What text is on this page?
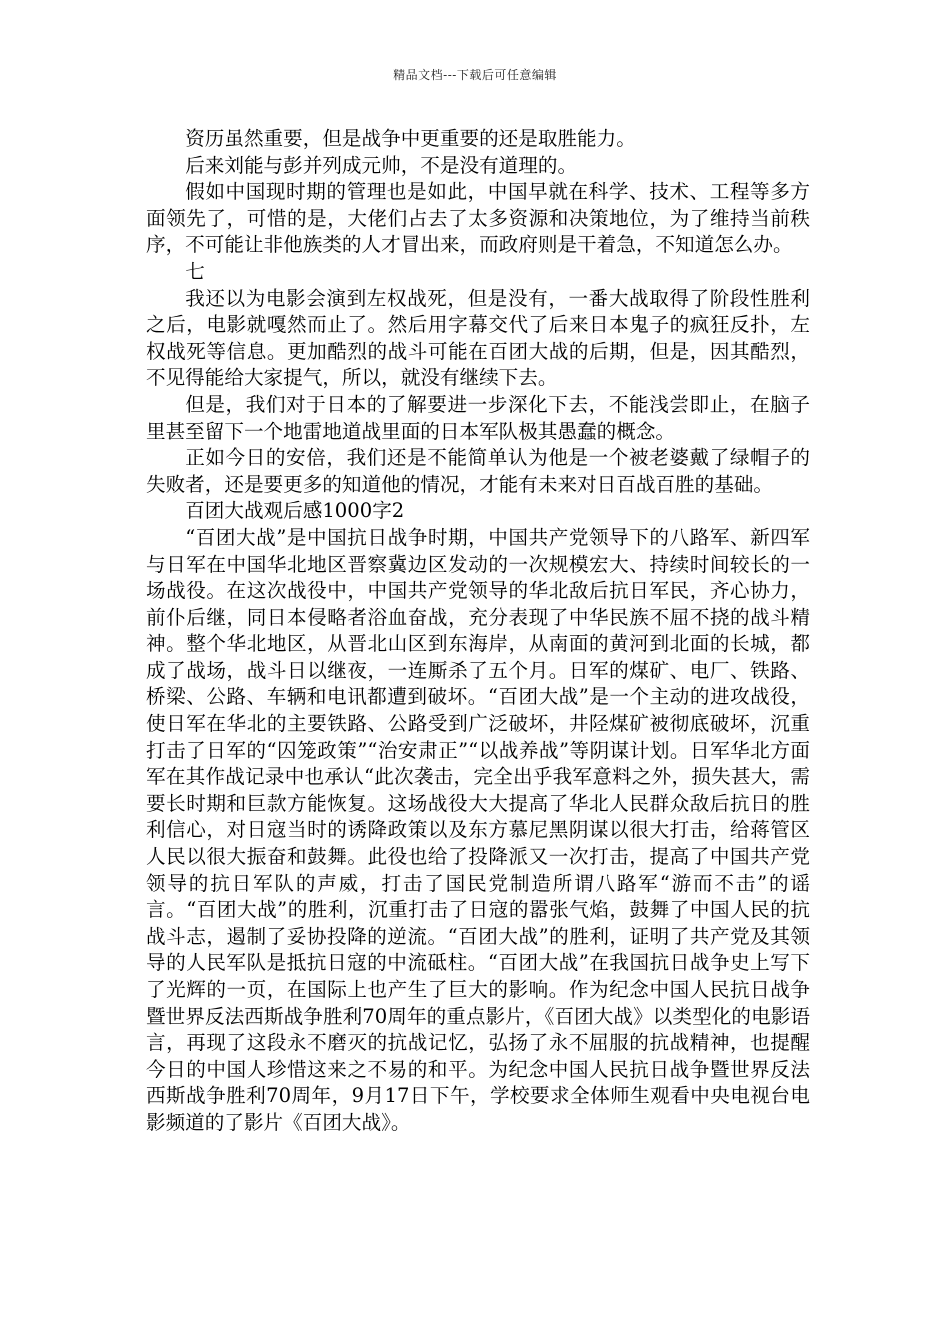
精品文档---下载后可任意编辑

资历虽然重要，但是战争中更重要的还是取胜能力。

后来刘能与彭并列成元帅，不是没有道理的。

假如中国现时期的管理也是如此，中国早就在科学、技术、工程等多方面领先了，可惜的是，大佬们占去了太多资源和决策地位，为了维持当前秩序，不可能让非他族类的人才冒出来，而政府则是干着急，不知道怎么办。

七

我还以为电影会演到左权战死，但是没有，一番大战取得了阶段性胜利之后，电影就嘎然而止了。然后用字幕交代了后来日本鬼子的疯狂反扑，左权战死等信息。更加酷烈的战斗可能在百团大战的后期，但是，因其酷烈，不见得能给大家提气，所以，就没有继续下去。

但是，我们对于日本的了解要进一步深化下去，不能浅尝即止，在脑子里甚至留下一个地雷地道战里面的日本军队极其愚蠢的概念。

正如今日的安倍，我们还是不能简单认为他是一个被老婆戴了绿帽子的失败者，还是要更多的知道他的情况，才能有未来对日百战百胜的基础。

百团大战观后感1000字2

“百团大战”是中国抗日战争时期，中国共产党领导下的八路军、新四军与日军在中国华北地区晋察冀边区发动的一次规模宏大、持续时间较长的一场战役。在这次战役中，中国共产党领导的华北敌后抗日军民，齐心协力，前仆后继，同日本侵略者浴血奋战，充分表现了中华民族不屈不挠的战斗精神。整个华北地区，从晋北山区到东海岸，从南面的黄河到北面的长城，都成了战场，战斗日以继夜，一连厮杀了五个月。日军的煤矿、电厂、铁路、桥梁、公路、车辆和电讯都遭到破坏。“百团大战”是一个主动的进攻战役，使日军在华北的主要铁路、公路受到广泛破坏，井陉煤矿被彻底破坏，沉重打击了日军的“囚笼政策”“治安肃正”“以战养战”等阴谋计划。日军华北方面军在其作战记录中也承认“此次袭击，完全出乎我军意料之外，损失甚大，需要长时期和巨款方能恢复。这场战役大大提高了华北人民群众敌后抗日的胜利信心，对日寇当时的诱降政策以及东方慕尼黑阴谋以很大打击，给蒋管区人民以很大振奋和鼓舞。此役也给了投降派又一次打击，提高了中国共产党领导的抗日军队的声威，打击了国民党制造所谓八路军“游而不击”的谣言。“百团大战”的胜利，沉重打击了日寇的嚣张气焰，鼓舞了中国人民的抗战斗志，遏制了妥协投降的逆流。“百团大战”的胜利，证明了共产党及其领导的人民军队是抵抗日寇的中流砥柱。“百团大战”在我国抗日战争史上写下了光辉的一页，在国际上也产生了巨大的影响。作为纪念中国人民抗日战争暨世界反法西斯战争胜利70周年的重点影片，《百团大战》以类型化的电影语言，再现了这段永不磨灭的抗战记忆，弘扬了永不屈服的抗战精神，也提醒今日的中国人珍惜这来之不易的和平。为纪念中国人民抗日战争暨世界反法西斯战争胜利70周年，9月17日下午，学校要求全体师生观看中央电视台电影频道的了影片《百团大战》。
